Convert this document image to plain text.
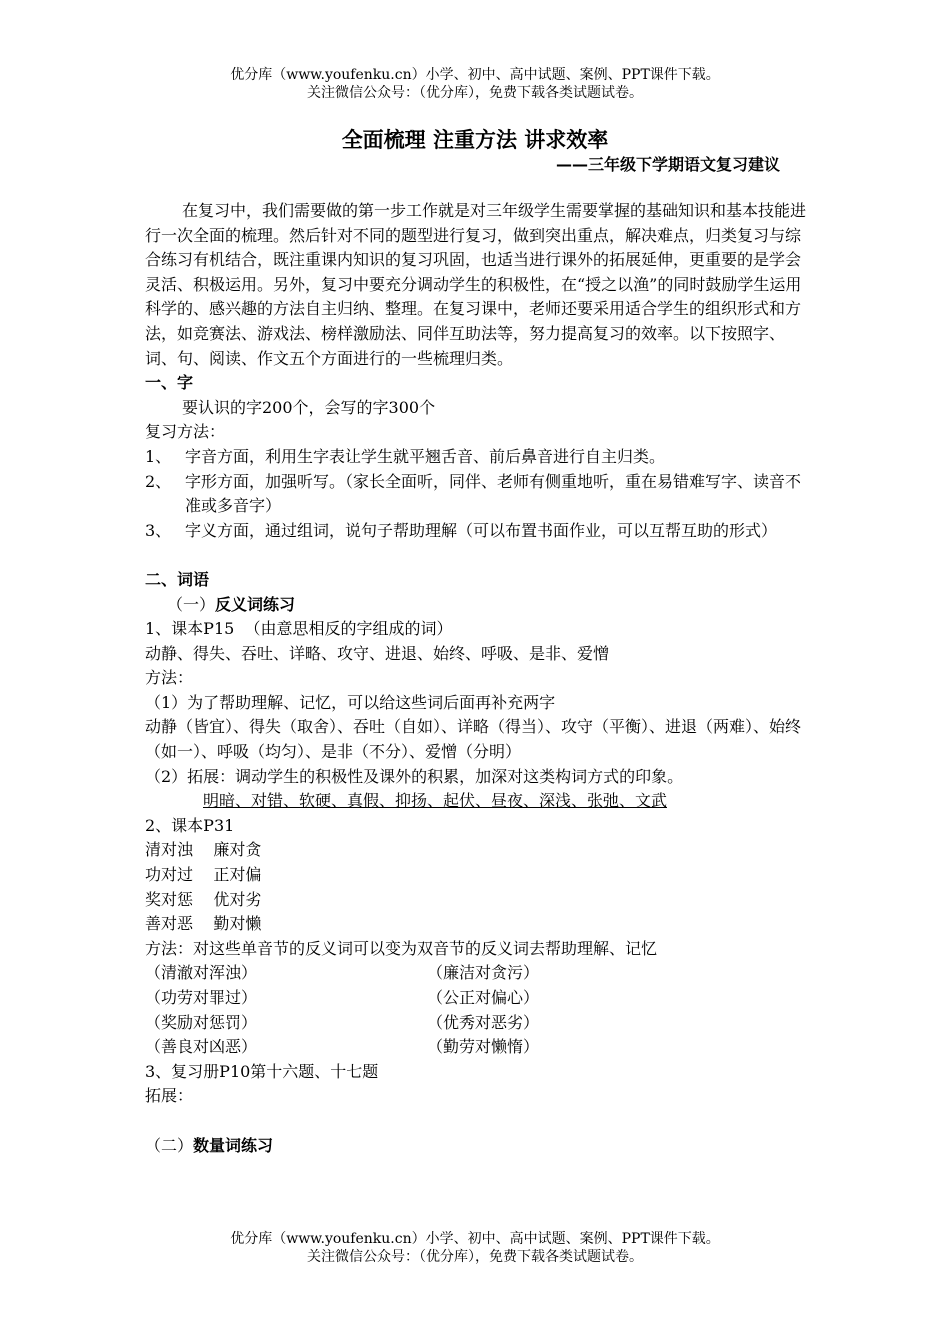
优分库（www.youfenku.cn）小学、初中、高中试题、案例、PPT课件下载。
关注微信公众号：（优分库），免费下载各类试题试卷。
全面梳理 注重方法 讲求效率
——三年级下学期语文复习建议

在复习中，我们需要做的第一步工作就是对三年级学生需要掌握的基础知识和基本技能进行一次全面的梳理。然后针对不同的题型进行复习，做到突出重点，解决难点，归类复习与综合练习有机结合，既注重课内知识的复习巩固，也适当进行课外的拓展延伸，更重要的是学会灵活、积极运用。另外，复习中要充分调动学生的积极性，在“授之以渔”的同时鼓励学生运用科学的、感兴趣的方法自主归纳、整理。在复习课中，老师还要采用适合学生的组织形式和方法，如竞赛法、游戏法、榜样激励法、同伴互助法等，努力提高复习的效率。以下按照字、词、句、阅读、作文五个方面进行的一些梳理归类。

一、字

要认识的字200个，会写的字300个

复习方法：

1、 字音方面，利用生字表让学生就平翘舌音、前后鼻音进行自主归类。
2、 字形方面，加强听写。（家长全面听，同伴、老师有侧重地听，重在易错难写字、读音不准或多音字）
3、 字义方面，通过组词，说句子帮助理解（可以布置书面作业，可以互帮互助的形式）

二、词语

（一）反义词练习

1、课本P15  （由意思相反的字组成的词）

动静、得失、吞吐、详略、攻守、进退、始终、呼吸、是非、爱憎

方法：

（1）为了帮助理解、记忆，可以给这些词后面再补充两字

动静（皆宜）、得失（取舍）、吞吐（自如）、详略（得当）、攻守（平衡）、进退（两难）、始终（如一）、呼吸（均匀）、是非（不分）、爱憎（分明）

（2）拓展：调动学生的积极性及课外的积累，加深对这类构词方式的印象。

明暗、对错、软硬、真假、抑扬、起伏、昼夜、深浅、张弛、文武

2、课本P31

清对浊    廉对贪

功对过    正对偏

奖对惩    优对劣

善对恶    勤对懒

方法：对这些单音节的反义词可以变为双音节的反义词去帮助理解、记忆

（清澈对浑浊）	（廉洁对贪污）
（功劳对罪过）	（公正对偏心）
（奖励对惩罚）	（优秀对恶劣）
（善良对凶恶）	（勤劳对懒惰）

3、复习册P10第十六题、十七题

拓展：

（二）数量词练习

优分库（www.youfenku.cn）小学、初中、高中试题、案例、PPT课件下载。
关注微信公众号：（优分库），免费下载各类试题试卷。
